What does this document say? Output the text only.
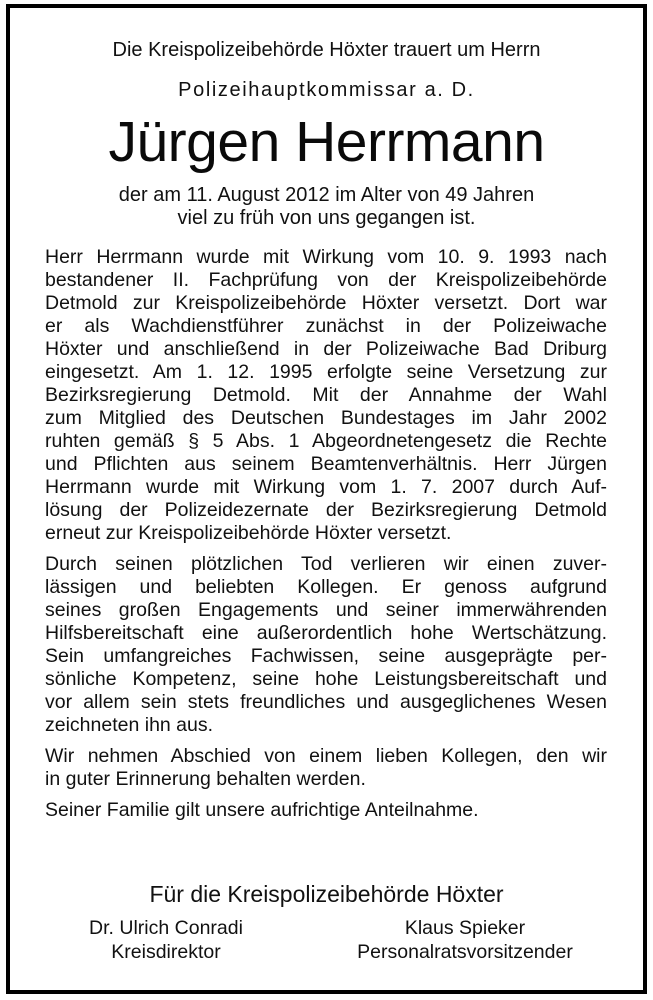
Die Kreispolizeibehörde Höxter trauert um Herrn
Polizeihauptkommissar a. D.
Jürgen Herrmann
der am 11. August 2012 im Alter von 49 Jahren
viel zu früh von uns gegangen ist.
Herr Herrmann wurde mit Wirkung vom 10. 9. 1993 nach
bestandener II. Fachprüfung von der Kreispolizeibehörde
Detmold zur Kreispolizeibehörde Höxter versetzt. Dort war
er als Wachdienstführer zunächst in der Polizeiwache
Höxter und anschließend in der Polizeiwache Bad Driburg
eingesetzt. Am 1. 12. 1995 erfolgte seine Versetzung zur
Bezirksregierung Detmold. Mit der Annahme der Wahl
zum Mitglied des Deutschen Bundestages im Jahr 2002
ruhten gemäß § 5 Abs. 1 Abgeordnetengesetz die Rechte
und Pflichten aus seinem Beamtenverhältnis. Herr Jürgen
Herrmann wurde mit Wirkung vom 1. 7. 2007 durch Auf-
lösung der Polizeidezernate der Bezirksregierung Detmold
erneut zur Kreispolizeibehörde Höxter versetzt.
Durch seinen plötzlichen Tod verlieren wir einen zuver-
lässigen und beliebten Kollegen. Er genoss aufgrund
seines großen Engagements und seiner immerwährenden
Hilfsbereitschaft eine außerordentlich hohe Wertschätzung.
Sein umfangreiches Fachwissen, seine ausgeprägte per-
sönliche Kompetenz, seine hohe Leistungsbereitschaft und
vor allem sein stets freundliches und ausgeglichenes Wesen
zeichneten ihn aus.
Wir nehmen Abschied von einem lieben Kollegen, den wir
in guter Erinnerung behalten werden.
Seiner Familie gilt unsere aufrichtige Anteilnahme.
Für die Kreispolizeibehörde Höxter
Dr. Ulrich Conradi
Kreisdirektor
Klaus Spieker
Personalratsvorsitzender
